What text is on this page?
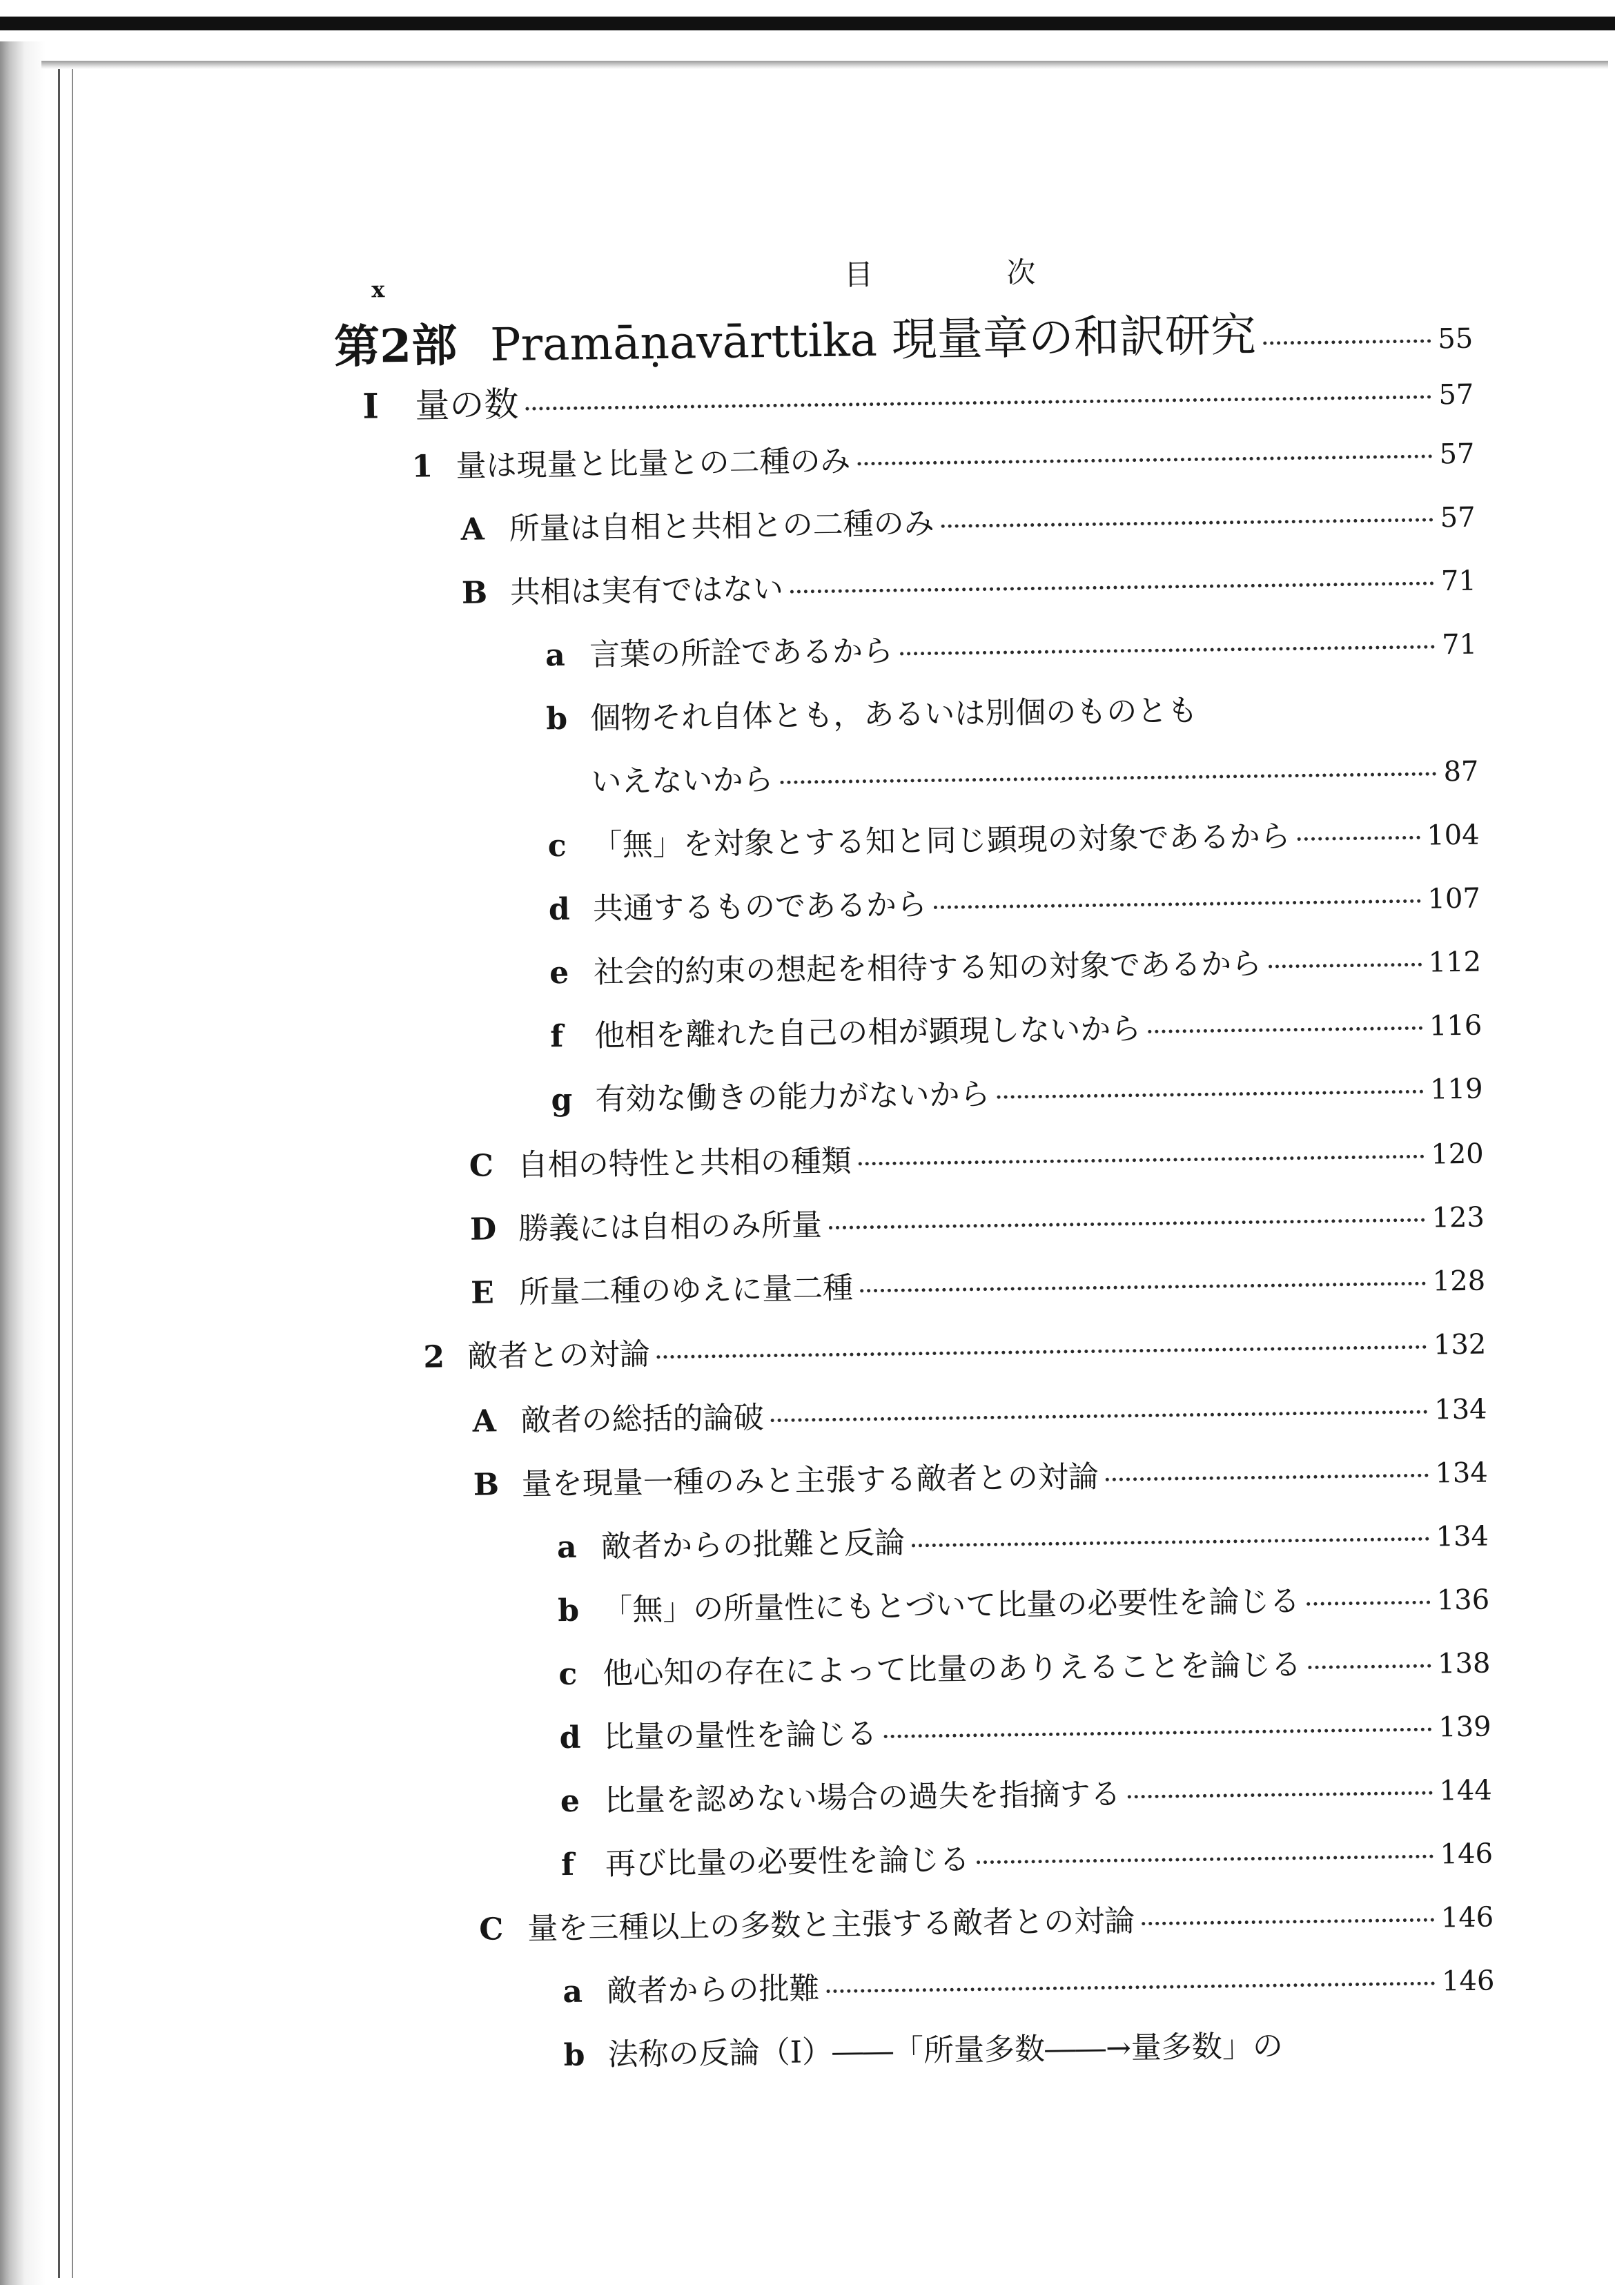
x	目 次
第2部 Pramāṇavārttika 現量章の和訳研究	55
I	量の数	57
1 量は現量と比量との二種のみ	57
A 所量は自相と共相との二種のみ	57
B 共相は実有ではない	71
a 言葉の所詮であるから	71
b 個物それ自体とも，あるいは別個のものとも
いえないから	87
c 「無」を対象とする知と同じ顕現の対象であるから	104
d 共通するものであるから	107
e 社会的約束の想起を相待する知の対象であるから	112
f	他相を離れた自己の相が顕現しないから	116
g 有効な働きの能力がないから	119
C 自相の特性と共相の種類	120
D 勝義には自相のみ所量	123
E 所量二種のゆえに量二種	128
2 敵者との対論	132
A 敵者の総括的論破	134
B 量を現量一種のみと主張する敵者との対論	134
a 敵者からの批難と反論	134
b 「無」の所量性にもとづいて比量の必要性を論じる	136
c 他心知の存在によって比量のありえることを論じる	138
d 比量の量性を論じる	139
e 比量を認めない場合の過失を指摘する	144
f	再び比量の必要性を論じる	146
C 量を三種以上の多数と主張する敵者との対論	146
a 敵者からの批難	146
b 法称の反論（I）――「所量多数――→量多数」の
